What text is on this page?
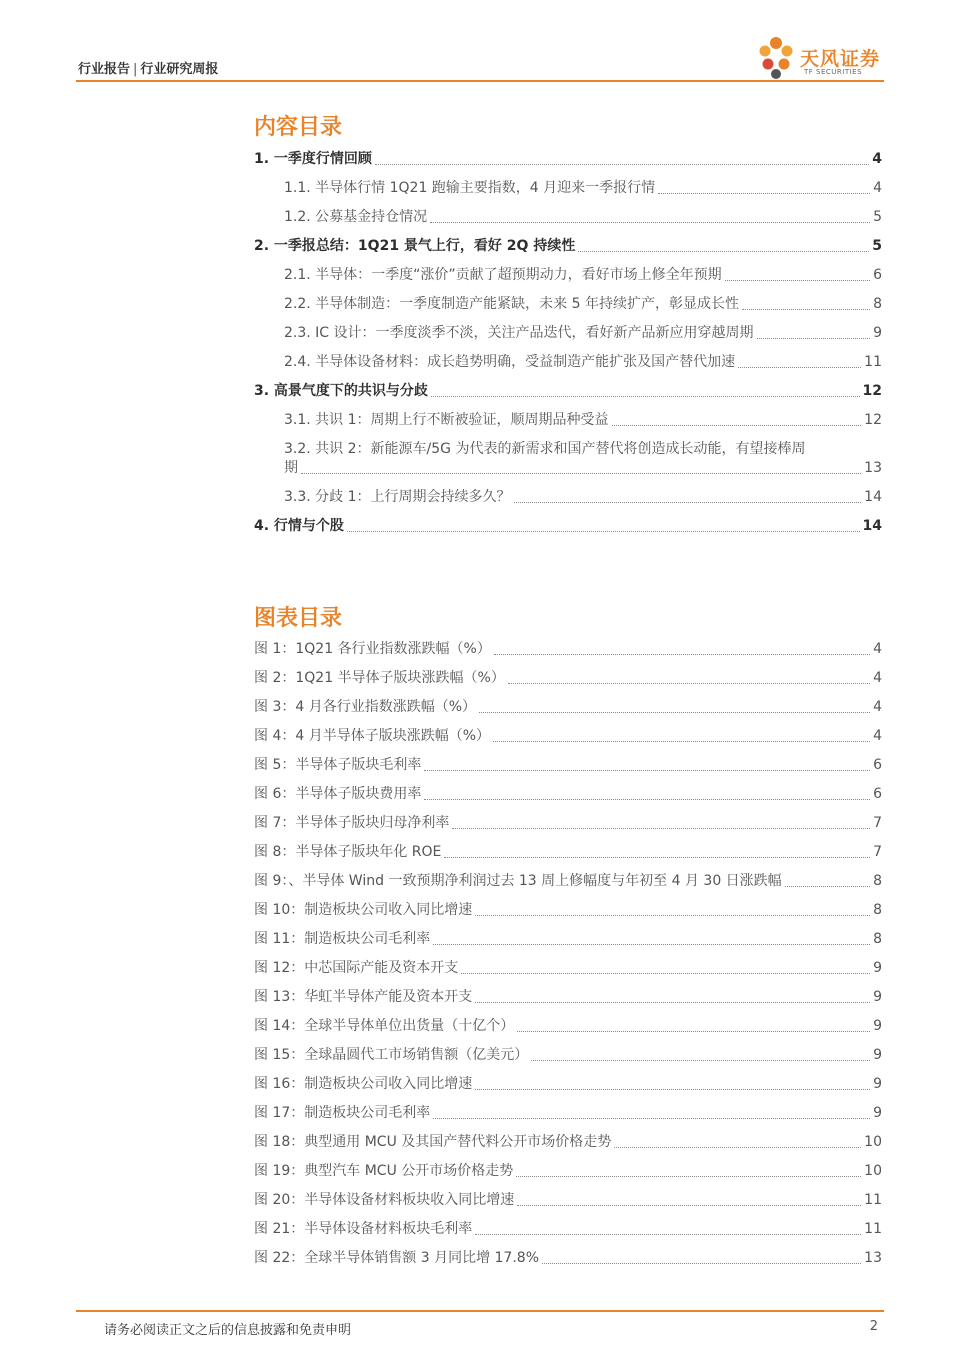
行业报告 | 行业研究周报	天风证券
TF SECURITIES
内容目录
1. 一季度行情回顾	4
1.1. 半导体行情 1Q21 跑输主要指数，4 月迎来一季报行情	4
1.2. 公募基金持仓情况	5
2. 一季报总结：1Q21 景气上行，看好 2Q 持续性	5
2.1. 半导体：一季度“涨价”贡献了超预期动力，看好市场上修全年预期	6
2.2. 半导体制造：一季度制造产能紧缺，未来 5 年持续扩产，彰显成长性	8
2.3. IC 设计：一季度淡季不淡，关注产品迭代，看好新产品新应用穿越周期	9
2.4. 半导体设备材料：成长趋势明确，受益制造产能扩张及国产替代加速	11
3. 高景气度下的共识与分歧	12
3.1. 共识 1：周期上行不断被验证，顺周期品种受益	12
3.2. 共识 2：新能源车/5G 为代表的新需求和国产替代将创造成长动能，有望接棒周
期	13
3.3. 分歧 1：上行周期会持续多久？	14
4. 行情与个股	14
图表目录
图 1：1Q21 各行业指数涨跌幅（%）	4
图 2：1Q21 半导体子版块涨跌幅（%）	4
图 3：4 月各行业指数涨跌幅（%）	4
图 4：4 月半导体子版块涨跌幅（%）	4
图 5：半导体子版块毛利率	6
图 6：半导体子版块费用率	6
图 7：半导体子版块归母净利率	7
图 8：半导体子版块年化 ROE	7
图 9：、半导体 Wind 一致预期净利润过去 13 周上修幅度与年初至 4 月 30 日涨跌幅	8
图 10：制造板块公司收入同比增速	8
图 11：制造板块公司毛利率	8
图 12：中芯国际产能及资本开支	9
图 13：华虹半导体产能及资本开支	9
图 14：全球半导体单位出货量（十亿个）	9
图 15：全球晶圆代工市场销售额（亿美元）	9
图 16：制造板块公司收入同比增速	9
图 17：制造板块公司毛利率	9
图 18：典型通用 MCU 及其国产替代料公开市场价格走势	10
图 19：典型汽车 MCU 公开市场价格走势	10
图 20：半导体设备材料板块收入同比增速	11
图 21：半导体设备材料板块毛利率	11
图 22：全球半导体销售额 3 月同比增 17.8%	13
请务必阅读正文之后的信息披露和免责申明	2
